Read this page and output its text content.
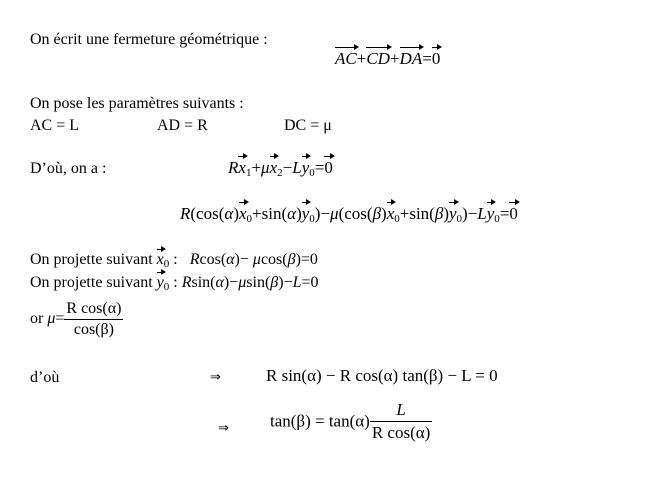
On écrit une fermeture géométrique :
AC+CD+DA=0
On pose les paramètres suivants :
AC = L	AD = R	DC = μ
D’où, on a :	$Rx_1+\mu x_2-Ly_0=0$
$R(\cos(\alpha)x_0+\sin(\alpha)y_0)-\mu(\cos(\beta)x_0+\sin(\beta)y_0)-Ly_0=0$
On projette suivant $x_0$ :   Rcos(α)− μcos(β)=0
On projette suivant $y_0$ : Rsin(α)−μsin(β)−L=0
or $\mu= \frac{\text{R cos(α)}}{\cos(\beta)}$
d’où	⇒	R sin(α) − R cos(α) tan(β) − L = 0
⇒ $\tan(\beta) = \tan(\alpha) \frac{L}{\text{R cos(α)}}$
